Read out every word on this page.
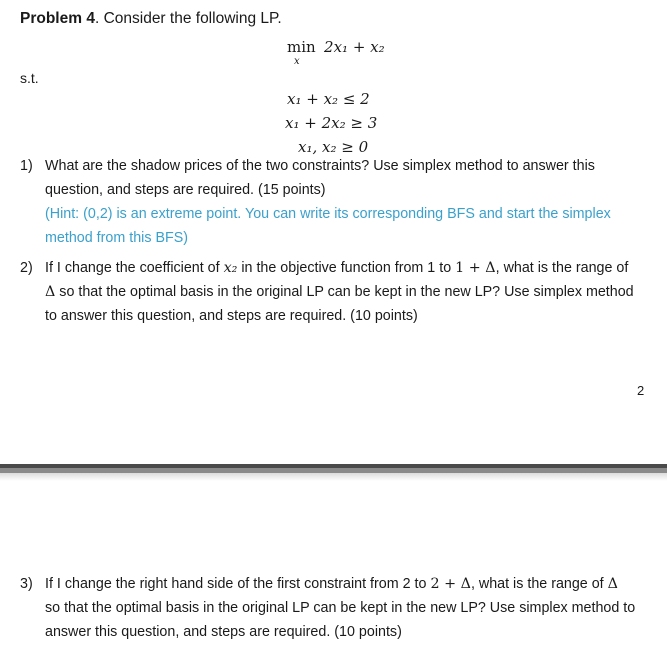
Problem 4. Consider the following LP.
min 2x₁ + x₂
x
s.t.
x₁ + x₂ ≤ 2
x₁ + 2x₂ ≥ 3
x₁, x₂ ≥ 0
1) What are the shadow prices of the two constraints? Use simplex method to answer this
question, and steps are required. (15 points)
(Hint: (0,2) is an extreme point. You can write its corresponding BFS and start the simplex
method from this BFS)
2) If I change the coefficient of x₂ in the objective function from 1 to 1 + Δ, what is the range of
Δ so that the optimal basis in the original LP can be kept in the new LP? Use simplex method
to answer this question, and steps are required. (10 points)
2
3) If I change the right hand side of the first constraint from 2 to 2 + Δ, what is the range of Δ
so that the optimal basis in the original LP can be kept in the new LP? Use simplex method to
answer this question, and steps are required. (10 points)
